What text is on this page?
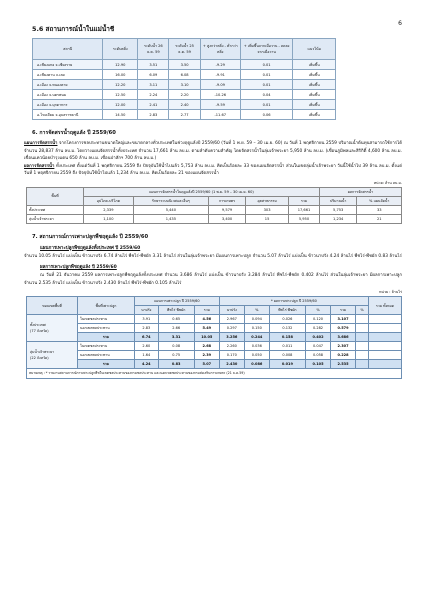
6
5.6 สถานการณ์น้ำในแม่น้ำชี
สถานี	ระดับตลิ่ง	ระดับน้ำ 26 ธ.ค. 59	ระดับน้ำ 25 ธ.ค. 59	+ สูงกว่าตลิ่ง - ต่ำกว่าตลิ่ง	+ เพิ่มขึ้นจากเมื่อวาน - ลดลงจากเมื่อวาน	แนวโน้ม
อ.เชียงแหง จ.เชียงราย	12.90	3.51	3.50	-9.29	0.01	เพิ่มขึ้น
อ.เชียงคาน จ.เลย	16.00	6.09	6.08	-9.91	0.01	เพิ่มขึ้น
อ.เมือง จ.หนองคาย	12.20	3.11	3.10	-9.09	0.01	เพิ่มขึ้น
อ.เมือง จ.นครพนม	12.50	2.24	2.20	-10.26	0.04	เพิ่มขึ้น
อ.เมือง จ.มุกดาหาร	12.00	2.41	2.40	-9.59	0.01	เพิ่มขึ้น
อ.โขงเจียม จ.อุบลราชธานี	14.50	2.83	2.77	-11.67	0.06	เพิ่มขึ้น
6. การจัดสรรน้ำฤดูแล้ง ปี 2559/60

แผนการจัดสรรน้ำ จากโครงการชลประทานขนาดใหญ่และขนาดกลางทั่วประเทศในช่วงฤดูแล้งปี 2559/60 (วันที่ 1 พ.ย. 59 – 30 เม.ย. 60) ณ วันที่ 1 พฤศจิกายน 2559 ปริมาณน้ำต้นทุนสามารถใช้การได้ จำนวน 28,837 ล้าน ลบ.ม. โดยวางแผนจัดสรรน้ำทั้งประเทศ จำนวน 17,661 ล้าน ลบ.ม. ตามลำดับความสำคัญ โดยจัดสรรน้ำในลุ่มเจ้าพระยา 5,950 ล้าน ลบ.ม. (เขื่อนภูมิพลและสิริกิติ์ 4,600 ล้าน ลบ.ม. เขื่อนแควน้อยบำรุงแดน 650 ล้าน ลบ.ม. เขื่อนป่าสักฯ 700 ล้าน ลบ.ม.)

ผลการจัดสรรน้ำ ทั้งประเทศ ตั้งแต่วันที่ 1 พฤศจิกายน 2559 ถึง ปัจจุบันใช้น้ำไปแล้ว 5,753 ล้าน ลบ.ม. คิดเป็นร้อยละ 33 ของแผนจัดสรรน้ำ ส่วนในเขตลุ่มน้ำเจ้าพระยา วันนี้ใช้น้ำไป 39 ล้าน ลบ.ม. ตั้งแต่วันที่ 1 พฤศจิกายน 2559 ถึง ปัจจุบันใช้น้ำไปแล้ว 1,234 ล้าน ลบ.ม. คิดเป็นร้อยละ 21 ของแผนจัดสรรน้ำ

หน่วย: ล้าน ลบ.ม.
พื้นที่	แผนการจัดสรรน้ำในฤดูแล้งปี 2559/60 (1 พ.ย. 59 – 30 เม.ย. 60)					ผลการจัดสรรน้ำ	
	อุปโภค-บริโภค	รักษาระบบนิเวศและอื่นๆ	การเกษตร	อุตสาหกรรม	รวม	ปริมาณน้ำ	% แผนจัดน้ำ
ทั้งประเทศ	2,339	5,440	9,579	303	17,661	5,753	33
ลุ่มน้ำเจ้าพระยา	1,100	1,435	3,400	15	5,950	1,234	21
7. สถานการณ์การเพาะปลูกพืชฤดูแล้ง ปี 2559/60
แผนการเพาะปลูกพืชฤดูแล้งทั้งประเทศ ปี 2559/60

จำนวน 10.05 ล้านไร่ แบ่งเป็น ข้าวนาปรัง 6.74 ล้านไร่ พืชไร่-พืชผัก 3.31 ล้านไร่ ส่วนในลุ่มเจ้าพระยา มีแผนการเพาะปลูก จำนวน 5.07 ล้านไร่ แบ่งเป็น ข้าวนาปรัง 4.24 ล้านไร่ พืชไร่-พืชผัก 0.83 ล้านไร่

ผลการเพาะปลูกพืชฤดูแล้ง ปี 2559/60

ณ วันที่ 21 ธันวาคม 2559 ผลการเพาะปลูกพืชฤดูแล้งทั้งประเทศ จำนวน 3.686 ล้านไร่ แบ่งเป็น ข้าวนาปรัง 3.284 ล้านไร่ พืชไร่-พืชผัก 0.402 ล้านไร่ ส่วนในลุ่มเจ้าพระยา มีผลการเพาะปลูก จำนวน 2.535 ล้านไร่ แบ่งเป็น ข้าวนาปรัง 2.430 ล้านไร่ พืชไร่-พืชผัก 0.105 ล้านไร่

หน่วย : ล้านไร่
ขอบเขตพื้นที่	พื้นที่เพาะปลูก	แผนการเพาะปลูก ปี 2559/60			* ผลการเพาะปลูก ปี 2559/60						รวม ทั้งหมด
		นาปรัง	พืชไร่ พืชผัก	รวม	นาปรัง	%	พืชไร่ พืชผัก	%	รวม	%	

ทั้งประเทศ
(77 จังหวัด)	ในเขตชลประทาน	3.91	0.65	4.56	2.967	0.094	0.026	0.120	3.107		
	นอกเขตชลประทาน	2.83	2.66	5.49	0.297	0.150	0.132	0.282	0.579		
	รวม	6.74	3.31	10.05	3.256	0.244	0.158	0.402	3.686		

ลุ่มน้ำเจ้าพระยา
(22 จังหวัด)	ในเขตชลประทาน	2.60	0.08	2.68	2.260	0.036	0.011	0.047	2.307		
	นอกเขตชลประทาน	1.64	0.75	2.39	0.170	0.050	0.008	0.058	0.228		
	รวม	4.24	0.83	5.07	2.430	0.086	0.019	0.105	2.535		
หมายเหตุ : * รายงานสถานการณ์การเพาะปลูกพืชในเขตชลประทานของกรมชลประทาน และนอกเขตชลประทานของกรมส่งเสริมการเกษตร (21 ธ.ค.59)											
